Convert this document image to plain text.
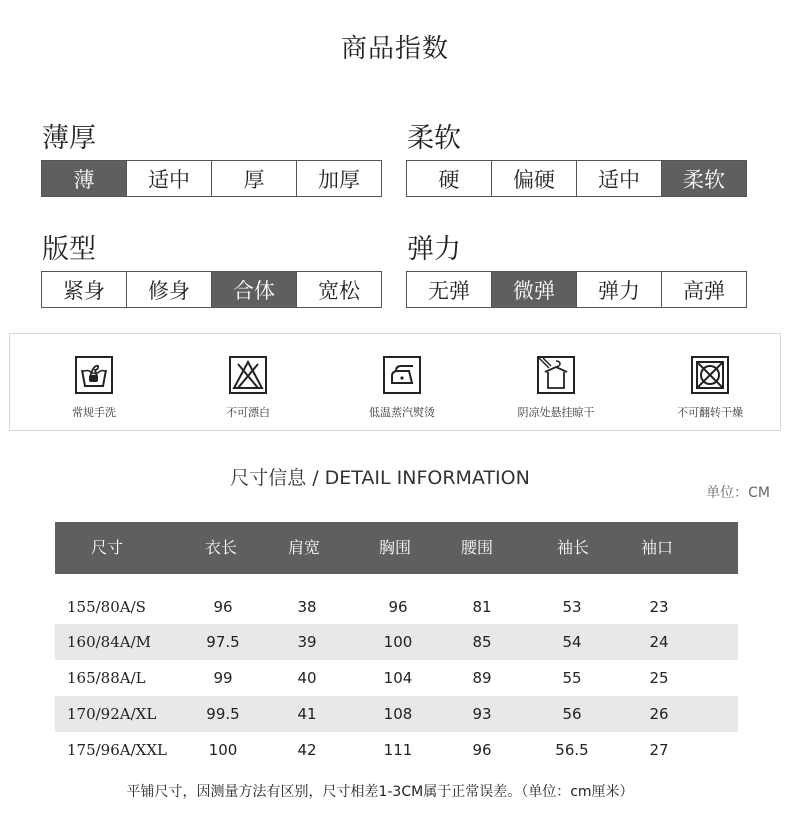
商品指数
薄厚
薄	适中	厚	加厚
柔软
硬	偏硬	适中	柔软
版型
紧身	修身	合体	宽松
弹力
无弹	微弹	弹力	高弹
常规手洗	不可漂白	低温蒸汽熨烫	阴凉处悬挂晾干	不可翻转干燥
尺寸信息 / DETAIL INFORMATION
单位：CM
尺寸	衣长	肩宽	胸围	腰围	袖长	袖口
155/80A/S	96	38	96	81	53	23
160/84A/M	97.5	39	100	85	54	24
165/88A/L	99	40	104	89	55	25
170/92A/XL	99.5	41	108	93	56	26
175/96A/XXL	100	42	111	96	56.5	27
平铺尺寸，因测量方法有区别，尺寸相差1-3CM属于正常误差。（单位：cm厘米）
